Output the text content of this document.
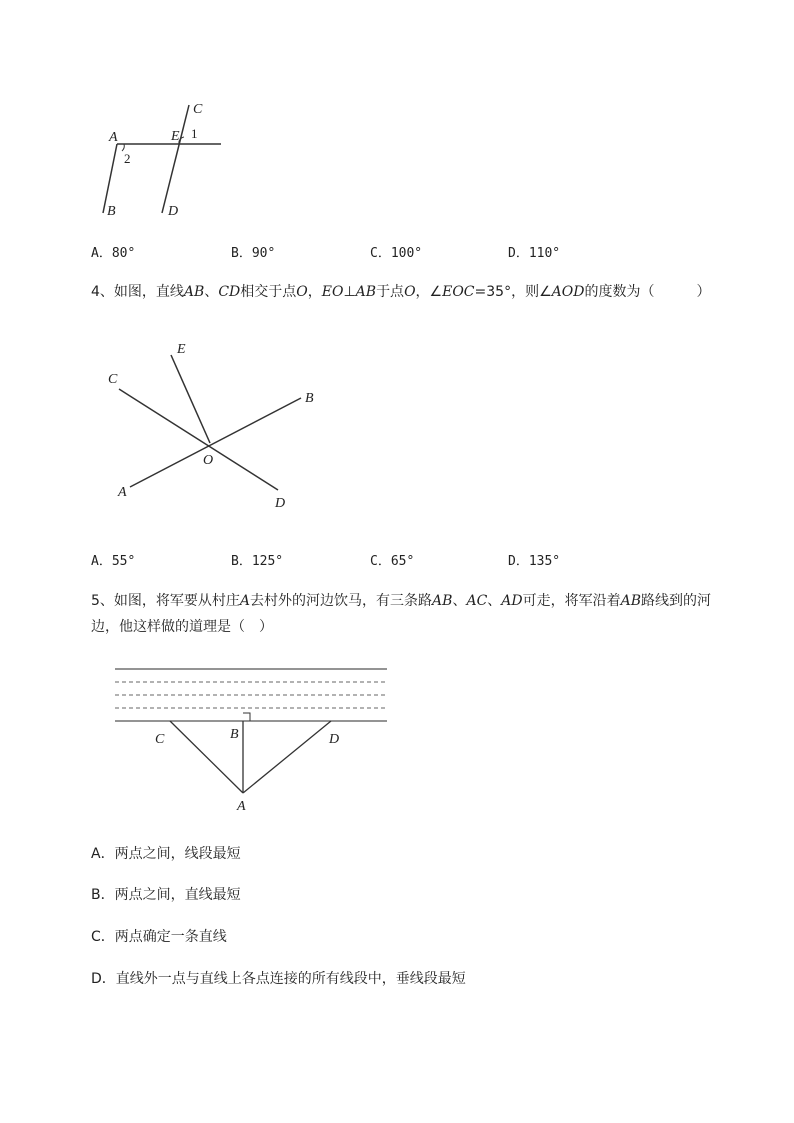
A	E
C
1
2
B	D
A．80°	B．90°	C．100°	D．110°
4、如图，直线AB、CD相交于点O，EO⊥AB于点O，∠EOC=35°，则∠AOD的度数为（　　　）
E
C
B
O
A
D
A．55°	B．125°	C．65°	D．135°
5、如图，将军要从村庄A去村外的河边饮马，有三条路AB、AC、AD可走，将军沿着AB路线到的河
边，他这样做的道理是（　）
C	B	D
A
A．两点之间，线段最短
B．两点之间，直线最短
C．两点确定一条直线
D．直线外一点与直线上各点连接的所有线段中，垂线段最短
